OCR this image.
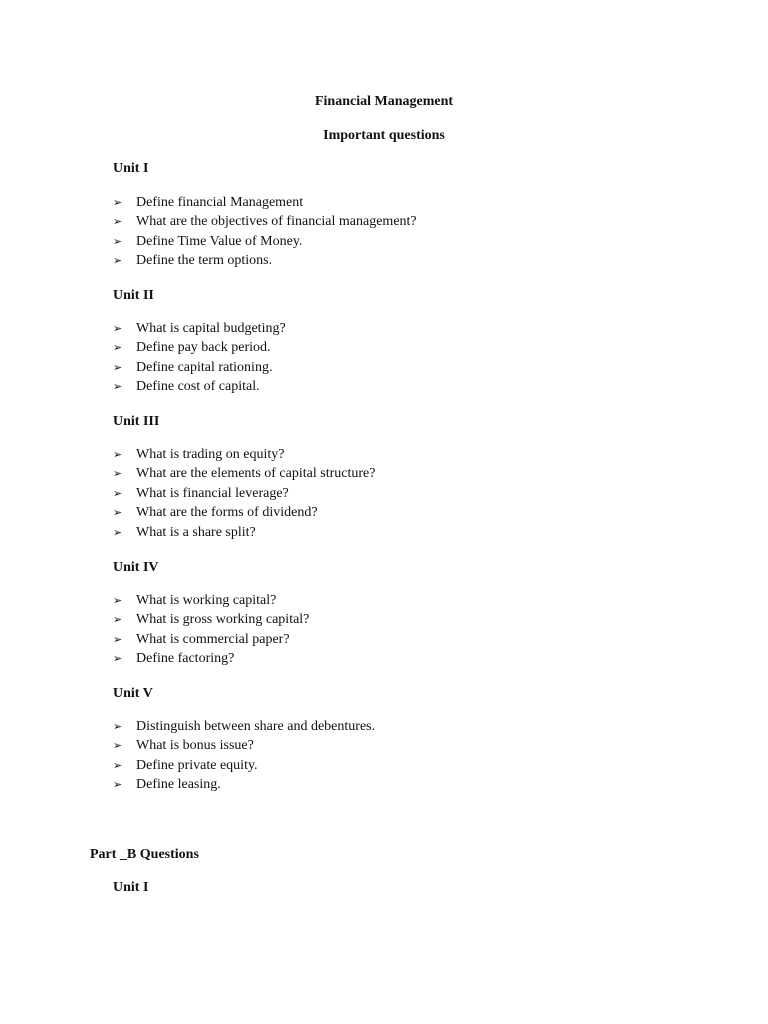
Financial Management
Important questions
Unit I
➢ Define financial Management
➢ What are the objectives of financial management?
➢ Define Time Value of Money.
➢ Define the term options.
Unit II
➢ What is capital budgeting?
➢ Define pay back period.
➢ Define capital rationing.
➢ Define cost of capital.
Unit III
➢ What is trading on equity?
➢ What are the elements of capital structure?
➢ What is financial leverage?
➢ What are the forms of dividend?
➢ What is a share split?
Unit IV
➢ What is working capital?
➢ What is gross working capital?
➢ What is commercial paper?
➢ Define factoring?
Unit V
➢ Distinguish between share and debentures.
➢ What is bonus issue?
➢ Define private equity.
➢ Define leasing.
Part _B Questions
Unit I
